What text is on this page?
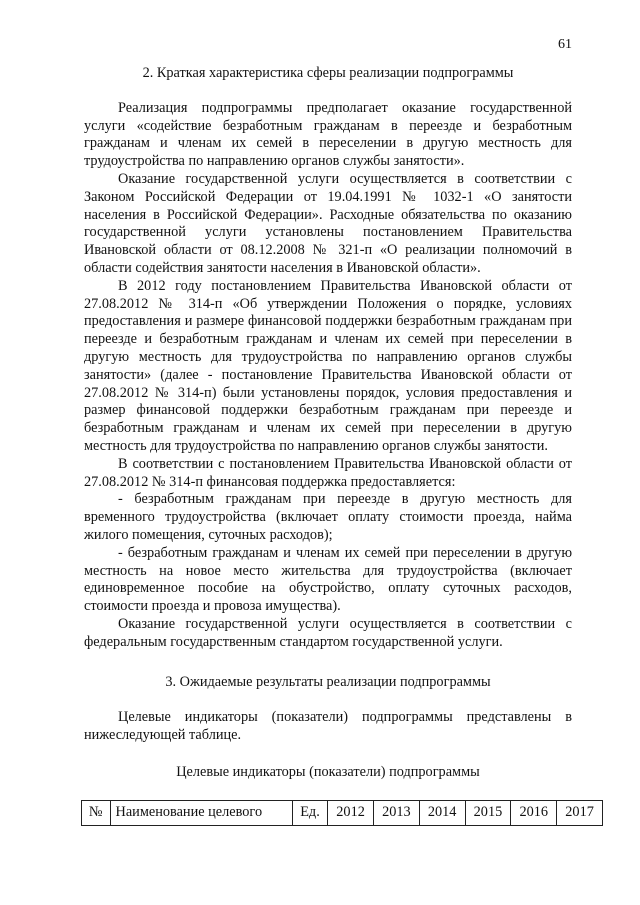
61
2. Краткая характеристика сферы реализации подпрограммы

Реализация подпрограммы предполагает оказание государственной услуги «содействие безработным гражданам в переезде и безработным гражданам и членам их семей в переселении в другую местность для трудоустройства по направлению органов службы занятости».

Оказание государственной услуги осуществляется в соответствии с Законом Российской Федерации от 19.04.1991 № 1032-1 «О занятости населения в Российской Федерации». Расходные обязательства по оказанию государственной услуги установлены постановлением Правительства Ивановской области от 08.12.2008 № 321-п «О реализации полномочий в области содействия занятости населения в Ивановской области».

В 2012 году постановлением Правительства Ивановской области от 27.08.2012 № 314-п «Об утверждении Положения о порядке, условиях предоставления и размере финансовой поддержки безработным гражданам при переезде и безработным гражданам и членам их семей при переселении в другую местность для трудоустройства по направлению органов службы занятости» (далее - постановление Правительства Ивановской области от 27.08.2012 № 314-п) были установлены порядок, условия предоставления и размер финансовой поддержки безработным гражданам при переезде и безработным гражданам и членам их семей при переселении в другую местность для трудоустройства по направлению органов службы занятости.

В соответствии с постановлением Правительства Ивановской области от 27.08.2012 № 314-п финансовая поддержка предоставляется:

- безработным гражданам при переезде в другую местность для временного трудоустройства (включает оплату стоимости проезда, найма жилого помещения, суточных расходов);

- безработным гражданам и членам их семей при переселении в другую местность на новое место жительства для трудоустройства (включает единовременное пособие на обустройство, оплату суточных расходов, стоимости проезда и провоза имущества).

Оказание государственной услуги осуществляется в соответствии с федеральным государственным стандартом государственной услуги.

3. Ожидаемые результаты реализации подпрограммы

Целевые индикаторы (показатели) подпрограммы представлены в нижеследующей таблице.

Целевые индикаторы (показатели) подпрограммы
№	Наименование целевого	Ед.	2012	2013	2014	2015	2016	2017
